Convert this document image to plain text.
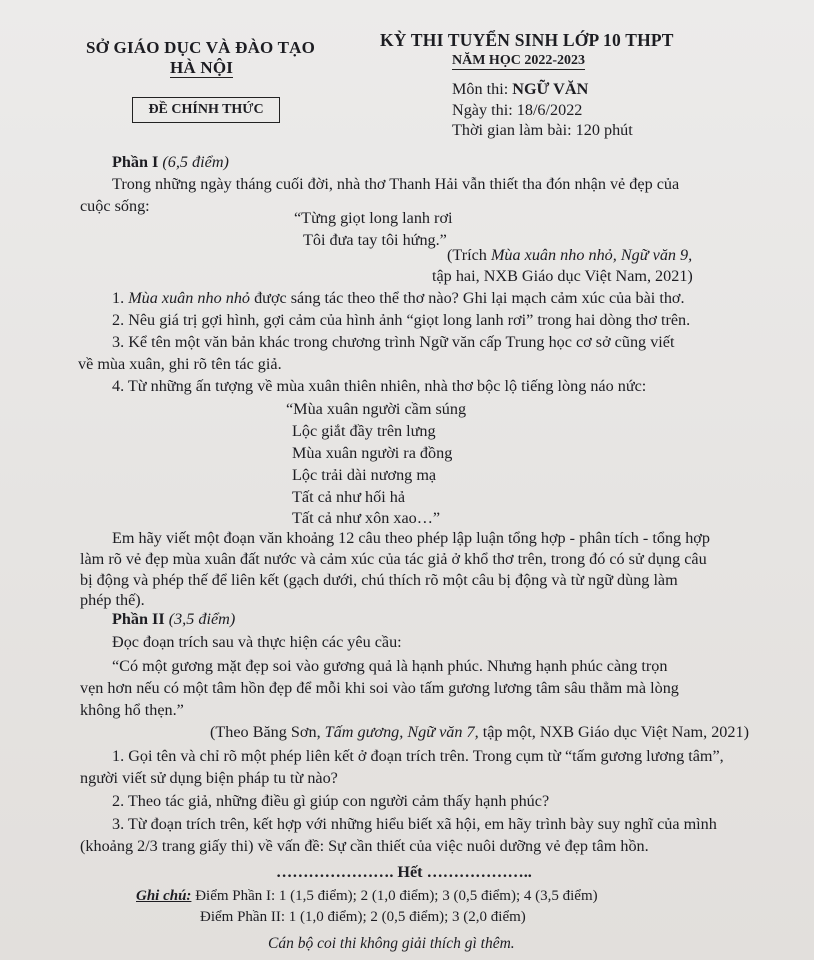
SỞ GIÁO DỤC VÀ ĐÀO TẠO
HÀ NỘI
ĐỀ CHÍNH THỨC
KỲ THI TUYỂN SINH LỚP 10 THPT
NĂM HỌC 2022-2023
Môn thi: NGỮ VĂN
Ngày thi: 18/6/2022
Thời gian làm bài: 120 phút
Phần I (6,5 điểm)
Trong những ngày tháng cuối đời, nhà thơ Thanh Hải vẫn thiết tha đón nhận vẻ đẹp của
cuộc sống:
“Từng giọt long lanh rơi
Tôi đưa tay tôi hứng.”
(Trích Mùa xuân nho nhỏ, Ngữ văn 9,
tập hai, NXB Giáo dục Việt Nam, 2021)
1. Mùa xuân nho nhỏ được sáng tác theo thể thơ nào? Ghi lại mạch cảm xúc của bài thơ.
2. Nêu giá trị gợi hình, gợi cảm của hình ảnh “giọt long lanh rơi” trong hai dòng thơ trên.
3. Kể tên một văn bản khác trong chương trình Ngữ văn cấp Trung học cơ sở cũng viết
về mùa xuân, ghi rõ tên tác giả.
4. Từ những ấn tượng về mùa xuân thiên nhiên, nhà thơ bộc lộ tiếng lòng náo nức:
“Mùa xuân người cầm súng
Lộc giắt đầy trên lưng
Mùa xuân người ra đồng
Lộc trải dài nương mạ
Tất cả như hối hả
Tất cả như xôn xao…”
Em hãy viết một đoạn văn khoảng 12 câu theo phép lập luận tổng hợp - phân tích - tổng hợp
làm rõ vẻ đẹp mùa xuân đất nước và cảm xúc của tác giả ở khổ thơ trên, trong đó có sử dụng câu
bị động và phép thế để liên kết (gạch dưới, chú thích rõ một câu bị động và từ ngữ dùng làm
phép thế).
Phần II (3,5 điểm)
Đọc đoạn trích sau và thực hiện các yêu cầu:
“Có một gương mặt đẹp soi vào gương quả là hạnh phúc. Nhưng hạnh phúc càng trọn
vẹn hơn nếu có một tâm hồn đẹp để mỗi khi soi vào tấm gương lương tâm sâu thẳm mà lòng
không hổ thẹn.”
(Theo Băng Sơn, Tấm gương, Ngữ văn 7, tập một, NXB Giáo dục Việt Nam, 2021)
1. Gọi tên và chỉ rõ một phép liên kết ở đoạn trích trên. Trong cụm từ “tấm gương lương tâm”,
người viết sử dụng biện pháp tu từ nào?
2. Theo tác giả, những điều gì giúp con người cảm thấy hạnh phúc?
3. Từ đoạn trích trên, kết hợp với những hiểu biết xã hội, em hãy trình bày suy nghĩ của mình
(khoảng 2/3 trang giấy thi) về vấn đề: Sự cần thiết của việc nuôi dưỡng vẻ đẹp tâm hồn.
…………………. Hết ………………..
Ghi chú: Điểm Phần I: 1 (1,5 điểm); 2 (1,0 điểm); 3 (0,5 điểm); 4 (3,5 điểm)
Điểm Phần II: 1 (1,0 điểm); 2 (0,5 điểm); 3 (2,0 điểm)
Cán bộ coi thi không giải thích gì thêm.
